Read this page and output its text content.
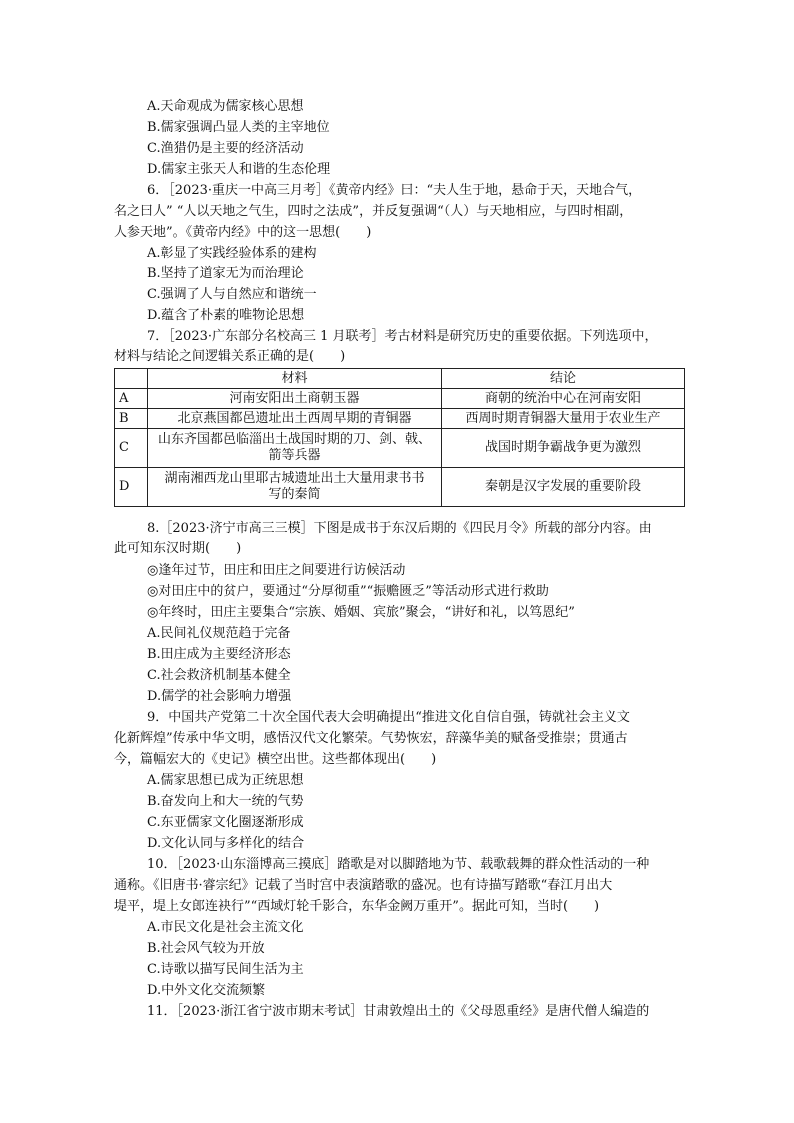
A.天命观成为儒家核心思想
B.儒家强调凸显人类的主宰地位
C.渔猎仍是主要的经济活动
D.儒家主张天人和谐的生态伦理
6．［2023·重庆一中高三月考］《黄帝内经》曰：“夫人生于地，悬命于天，天地合气，
名之曰人” “人以天地之气生，四时之法成”，并反复强调“（人）与天地相应，与四时相副，
人参天地”。《黄帝内经》中的这一思想(　　)
A.彰显了实践经验体系的建构
B.坚持了道家无为而治理论
C.强调了人与自然应和谐统一
D.蕴含了朴素的唯物论思想
7．［2023·广东部分名校高三 1 月联考］考古材料是研究历史的重要依据。下列选项中，
材料与结论之间逻辑关系正确的是(　　)
	材料	结论
A	河南安阳出土商朝玉器	商朝的统治中心在河南安阳
B	北京燕国都邑遗址出土西周早期的青铜器	西周时期青铜器大量用于农业生产
C	山东齐国都邑临淄出土战国时期的刀、剑、戟、
箭等兵器	战国时期争霸战争更为激烈
D	湖南湘西龙山里耶古城遗址出土大量用隶书书
写的秦简	秦朝是汉字发展的重要阶段
8.［2023·济宁市高三三模］下图是成书于东汉后期的《四民月令》所载的部分内容。由
此可知东汉时期(　　)
◎逢年过节，田庄和田庄之间要进行访候活动
◎对田庄中的贫户，要通过“分厚彻重”“振赡匮乏”等活动形式进行救助
◎年终时，田庄主要集合“宗族、婚姻、宾旅”聚会，“讲好和礼，以笃恩纪”
A.民间礼仪规范趋于完备
B.田庄成为主要经济形态
C.社会救济机制基本健全
D.儒学的社会影响力增强
9．中国共产党第二十次全国代表大会明确提出“推进文化自信自强，铸就社会主义文
化新辉煌”传承中华文明，感悟汉代文化繁荣。气势恢宏，辞藻华美的赋备受推崇；贯通古
今，篇幅宏大的《史记》横空出世。这些都体现出(　　)
A.儒家思想已成为正统思想
B.奋发向上和大一统的气势
C.东亚儒家文化圈逐渐形成
D.文化认同与多样化的结合
10．［2023·山东淄博高三摸底］踏歌是对以脚踏地为节、载歌载舞的群众性活动的一种
通称。《旧唐书·睿宗纪》记载了当时宫中表演踏歌的盛况。也有诗描写踏歌“春江月出大
堤平，堤上女郎连袂行”“西域灯轮千影合，东华金阙万重开”。据此可知，当时(　　)
A.市民文化是社会主流文化
B.社会风气较为开放
C.诗歌以描写民间生活为主
D.中外文化交流频繁
11．［2023·浙江省宁波市期末考试］甘肃敦煌出土的《父母恩重经》是唐代僧人编造的
